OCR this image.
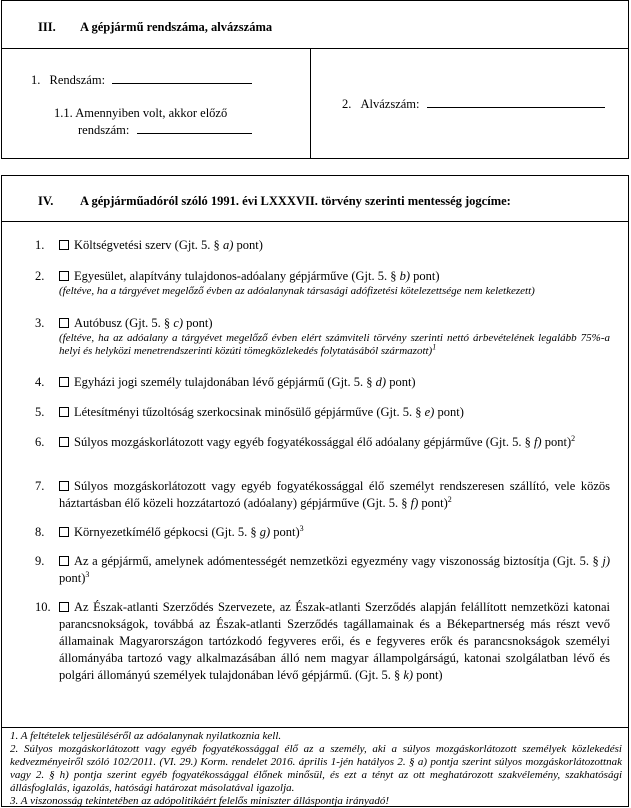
III. A gépjármű rendszáma, alvázszáma
1. Rendszám:
1.1. Amennyiben volt, akkor előző
rendszám:
2. Alvázszám:
IV. A gépjárműadóról szóló 1991. évi LXXXVII. törvény szerinti mentesség jogcíme:
1.	Költségvetési szerv (Gjt. 5. § a) pont)
2.	Egyesület, alapítvány tulajdonos-adóalany gépjárműve (Gjt. 5. § b) pont)
(feltéve, ha a tárgyévet megelőző évben az adóalanynak társasági adófizetési kötelezettsége nem keletkezett)
3.	Autóbusz (Gjt. 5. § c) pont)
(feltéve, ha az adóalany a tárgyévet megelőző évben elért számviteli törvény szerinti nettó árbevételének legalább 75%-a helyi és helyközi menetrendszerinti közúti tömegközlekedés folytatásából származott)$^1$
4.	Egyházi jogi személy tulajdonában lévő gépjármű (Gjt. 5. § d) pont)
5.	Létesítményi tűzoltóság szerkocsinak minősülő gépjárműve (Gjt. 5. § e) pont)
6.	Súlyos mozgáskorlátozott vagy egyéb fogyatékossággal élő adóalany gépjárműve (Gjt. 5. § f) pont)$^2$
7.	Súlyos mozgáskorlátozott vagy egyéb fogyatékossággal élő személyt rendszeresen szállító, vele közös háztartásban élő közeli hozzátartozó (adóalany) gépjárműve (Gjt. 5. § f) pont)$^2$
8.	Környezetkímélő gépkocsi (Gjt. 5. § g) pont)$^3$
9.	Az a gépjármű, amelynek adómentességét nemzetközi egyezmény vagy viszonosság biztosítja (Gjt. 5. § j) pont)$^3$
10.	Az Észak-atlanti Szerződés Szervezete, az Észak-atlanti Szerződés alapján felállított nemzetközi katonai parancsnokságok, továbbá az Észak-atlanti Szerződés tagállamainak és a Békepartnerség más részt vevő államainak Magyarországon tartózkodó fegyveres erői, és e fegyveres erők és parancsnokságok személyi állományába tartozó vagy alkalmazásában álló nem magyar állampolgárságú, katonai szolgálatban lévő és polgári állományú személyek tulajdonában lévő gépjármű. (Gjt. 5. § k) pont)
1. A feltételek teljesüléséről az adóalanynak nyilatkoznia kell.
2. Súlyos mozgáskorlátozott vagy egyéb fogyatékossággal élő az a személy, aki a súlyos mozgáskorlátozott személyek közlekedési kedvezményeiről szóló 102/2011. (VI. 29.) Korm. rendelet 2016. április 1-jén hatályos 2. § a) pontja szerint súlyos mozgáskorlátozottnak vagy 2. § h) pontja szerint egyéb fogyatékossággal élőnek minősül, és ezt a tényt az ott meghatározott szakvélemény, szakhatósági állásfoglalás, igazolás, hatósági határozat másolatával igazolja.
3. A viszonosság tekintetében az adópolitikáért felelős miniszter álláspontja irányadó!
